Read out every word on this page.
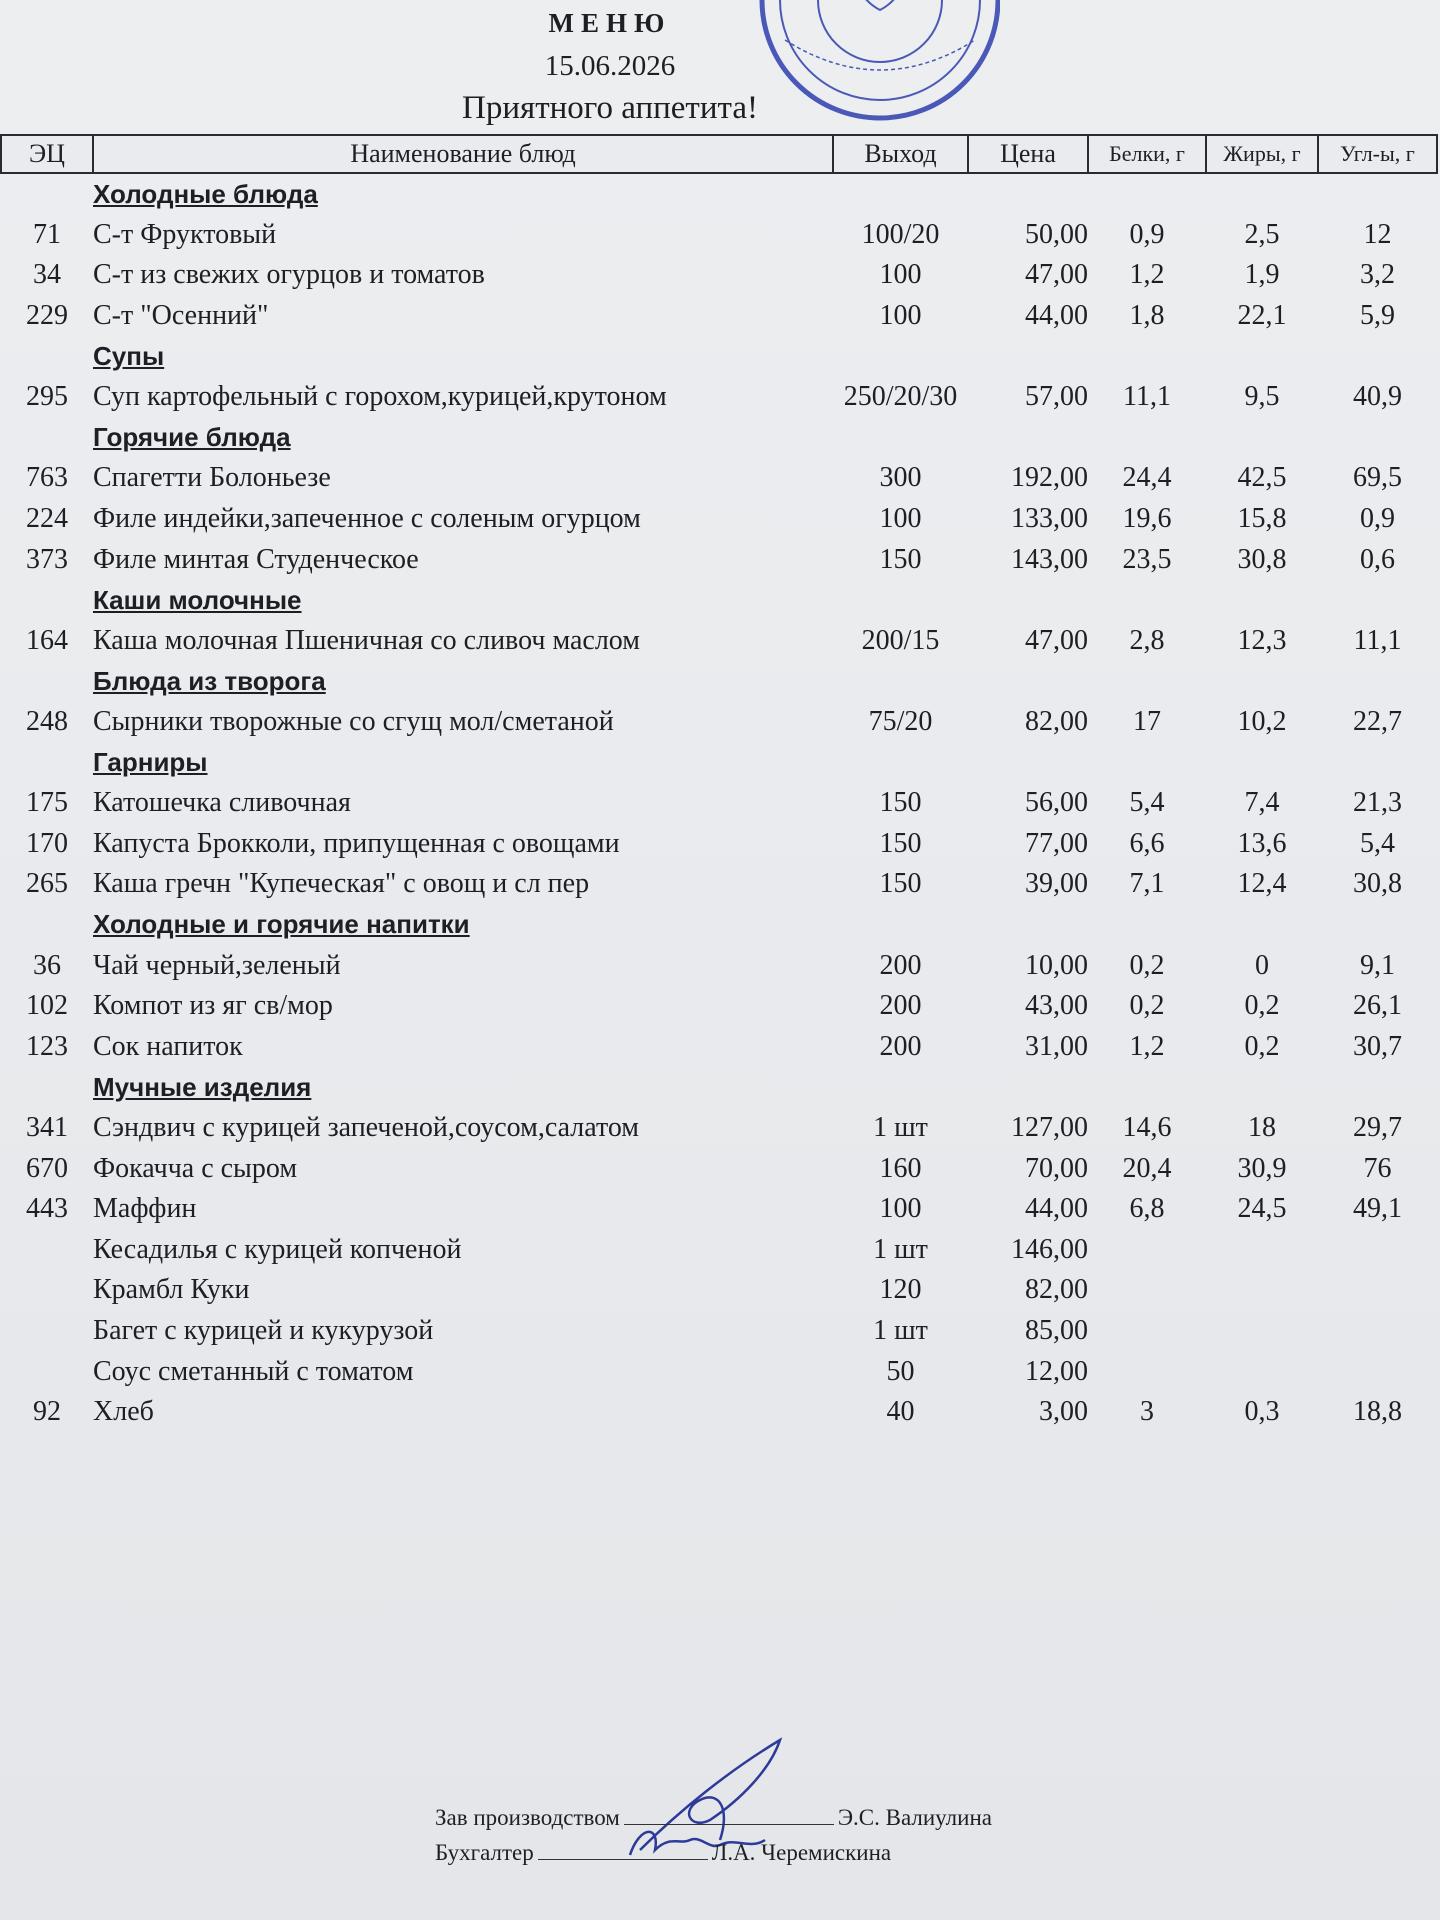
МЕНЮ
15.06.2026
Приятного аппетита!
ЭЦ	Наименование блюд	Выход	Цена	Белки, г	Жиры, г	Угл-ы, г
	Холодные блюда					
71	С-т Фруктовый	100/20	50,00	0,9	2,5	12
34	С-т из свежих огурцов и томатов	100	47,00	1,2	1,9	3,2
229	С-т "Осенний"	100	44,00	1,8	22,1	5,9
	Супы					
295	Суп картофельный с горохом,курицей,крутоном	250/20/30	57,00	11,1	9,5	40,9
	Горячие блюда					
763	Спагетти Болоньезе	300	192,00	24,4	42,5	69,5
224	Филе индейки,запеченное с соленым огурцом	100	133,00	19,6	15,8	0,9
373	Филе минтая Студенческое	150	143,00	23,5	30,8	0,6
	Каши молочные					
164	Каша молочная Пшеничная со сливоч маслом	200/15	47,00	2,8	12,3	11,1
	Блюда из творога					
248	Сырники творожные со сгущ мол/сметаной	75/20	82,00	17	10,2	22,7
	Гарниры					
175	Катошечка сливочная	150	56,00	5,4	7,4	21,3
170	Капуста Брокколи, припущенная с овощами	150	77,00	6,6	13,6	5,4
265	Каша гречн "Купеческая" с овощ и сл пер	150	39,00	7,1	12,4	30,8
	Холодные и горячие напитки					
36	Чай черный,зеленый	200	10,00	0,2	0	9,1
102	Компот из яг св/мор	200	43,00	0,2	0,2	26,1
123	Сок напиток	200	31,00	1,2	0,2	30,7
	Мучные изделия					
341	Сэндвич с курицей запеченой,соусом,салатом	1 шт	127,00	14,6	18	29,7
670	Фокачча с сыром	160	70,00	20,4	30,9	76
443	Маффин	100	44,00	6,8	24,5	49,1
	Кесадилья с курицей копченой	1 шт	146,00			
	Крамбл Куки	120	82,00			
	Багет с курицей и кукурузой	1 шт	85,00			
	Соус сметанный с томатом	50	12,00			
92	Хлеб	40	3,00	3	0,3	18,8
Зав производством	Э.С. Валиулина
Бухгалтер	Л.А. Черемискина
